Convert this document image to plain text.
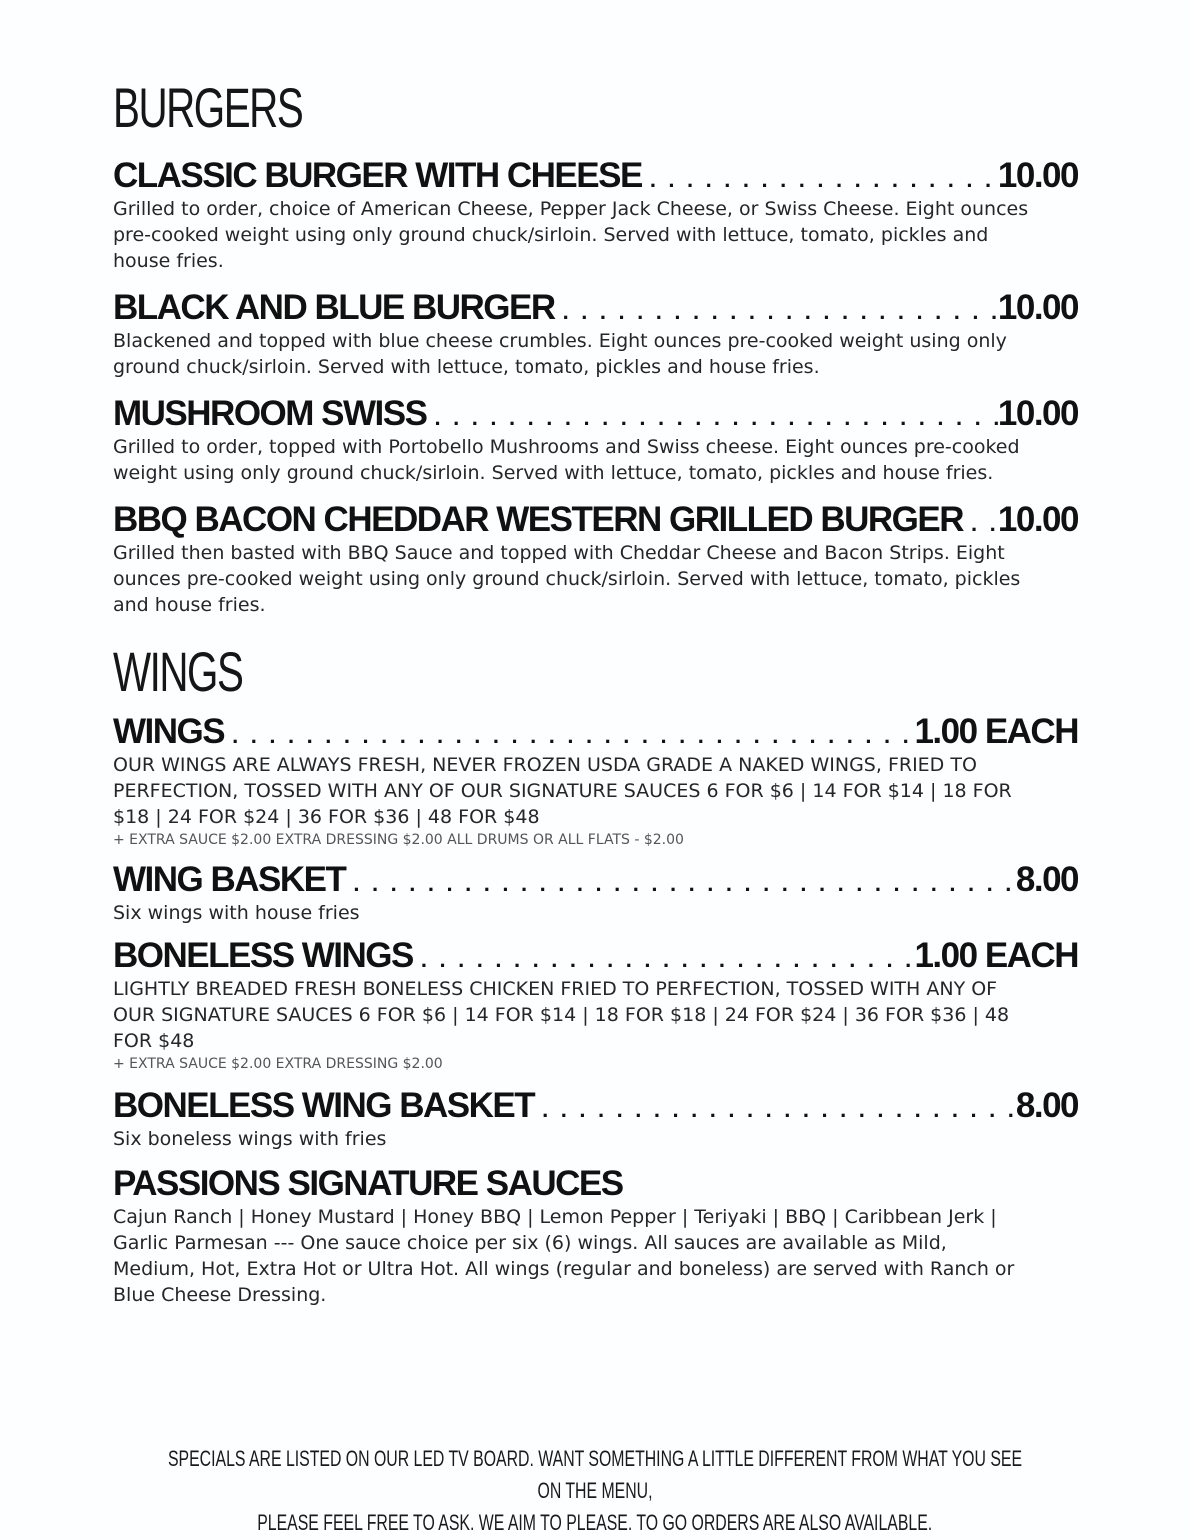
BURGERS
CLASSIC BURGER WITH CHEESE . . .	10.00

Grilled to order, choice of American Cheese, Pepper Jack Cheese, or Swiss Cheese. Eight ounces pre-cooked weight using only ground chuck/sirloin. Served with lettuce, tomato, pickles and house fries.

BLACK AND BLUE BURGER . . .	10.00

Blackened and topped with blue cheese crumbles. Eight ounces pre-cooked weight using only ground chuck/sirloin. Served with lettuce, tomato, pickles and house fries.

MUSHROOM SWISS . . .	10.00

Grilled to order, topped with Portobello Mushrooms and Swiss cheese. Eight ounces pre-cooked weight using only ground chuck/sirloin. Served with lettuce, tomato, pickles and house fries.

BBQ BACON CHEDDAR WESTERN GRILLED BURGER . . . 10.00

Grilled then basted with BBQ Sauce and topped with Cheddar Cheese and Bacon Strips. Eight ounces pre-cooked weight using only ground chuck/sirloin. Served with lettuce, tomato, pickles and house fries.

WINGS
WINGS . . .	1.00 EACH

OUR WINGS ARE ALWAYS FRESH, NEVER FROZEN USDA GRADE A NAKED WINGS, FRIED TO PERFECTION, TOSSED WITH ANY OF OUR SIGNATURE SAUCES 6 FOR $6 | 14 FOR $14 | 18 FOR $18 | 24 FOR $24 | 36 FOR $36 | 48 FOR $48

+ EXTRA SAUCE $2.00 EXTRA DRESSING $2.00 ALL DRUMS OR ALL FLATS - $2.00

WING BASKET . . .	8.00

Six wings with house fries

BONELESS WINGS . . .	1.00 EACH

LIGHTLY BREADED FRESH BONELESS CHICKEN FRIED TO PERFECTION, TOSSED WITH ANY OF OUR SIGNATURE SAUCES 6 FOR $6 | 14 FOR $14 | 18 FOR $18 | 24 FOR $24 | 36 FOR $36 | 48 FOR $48

+ EXTRA SAUCE $2.00 EXTRA DRESSING $2.00

BONELESS WING BASKET . . .	8.00

Six boneless wings with fries

PASSIONS SIGNATURE SAUCES

Cajun Ranch | Honey Mustard | Honey BBQ | Lemon Pepper | Teriyaki | BBQ | Caribbean Jerk | Garlic Parmesan --- One sauce choice per six (6) wings. All sauces are available as Mild, Medium, Hot, Extra Hot or Ultra Hot. All wings (regular and boneless) are served with Ranch or Blue Cheese Dressing.

SPECIALS ARE LISTED ON OUR LED TV BOARD. WANT SOMETHING A LITTLE DIFFERENT FROM WHAT YOU SEE ON THE MENU,
PLEASE FEEL FREE TO ASK. WE AIM TO PLEASE. TO GO ORDERS ARE ALSO AVAILABLE.
